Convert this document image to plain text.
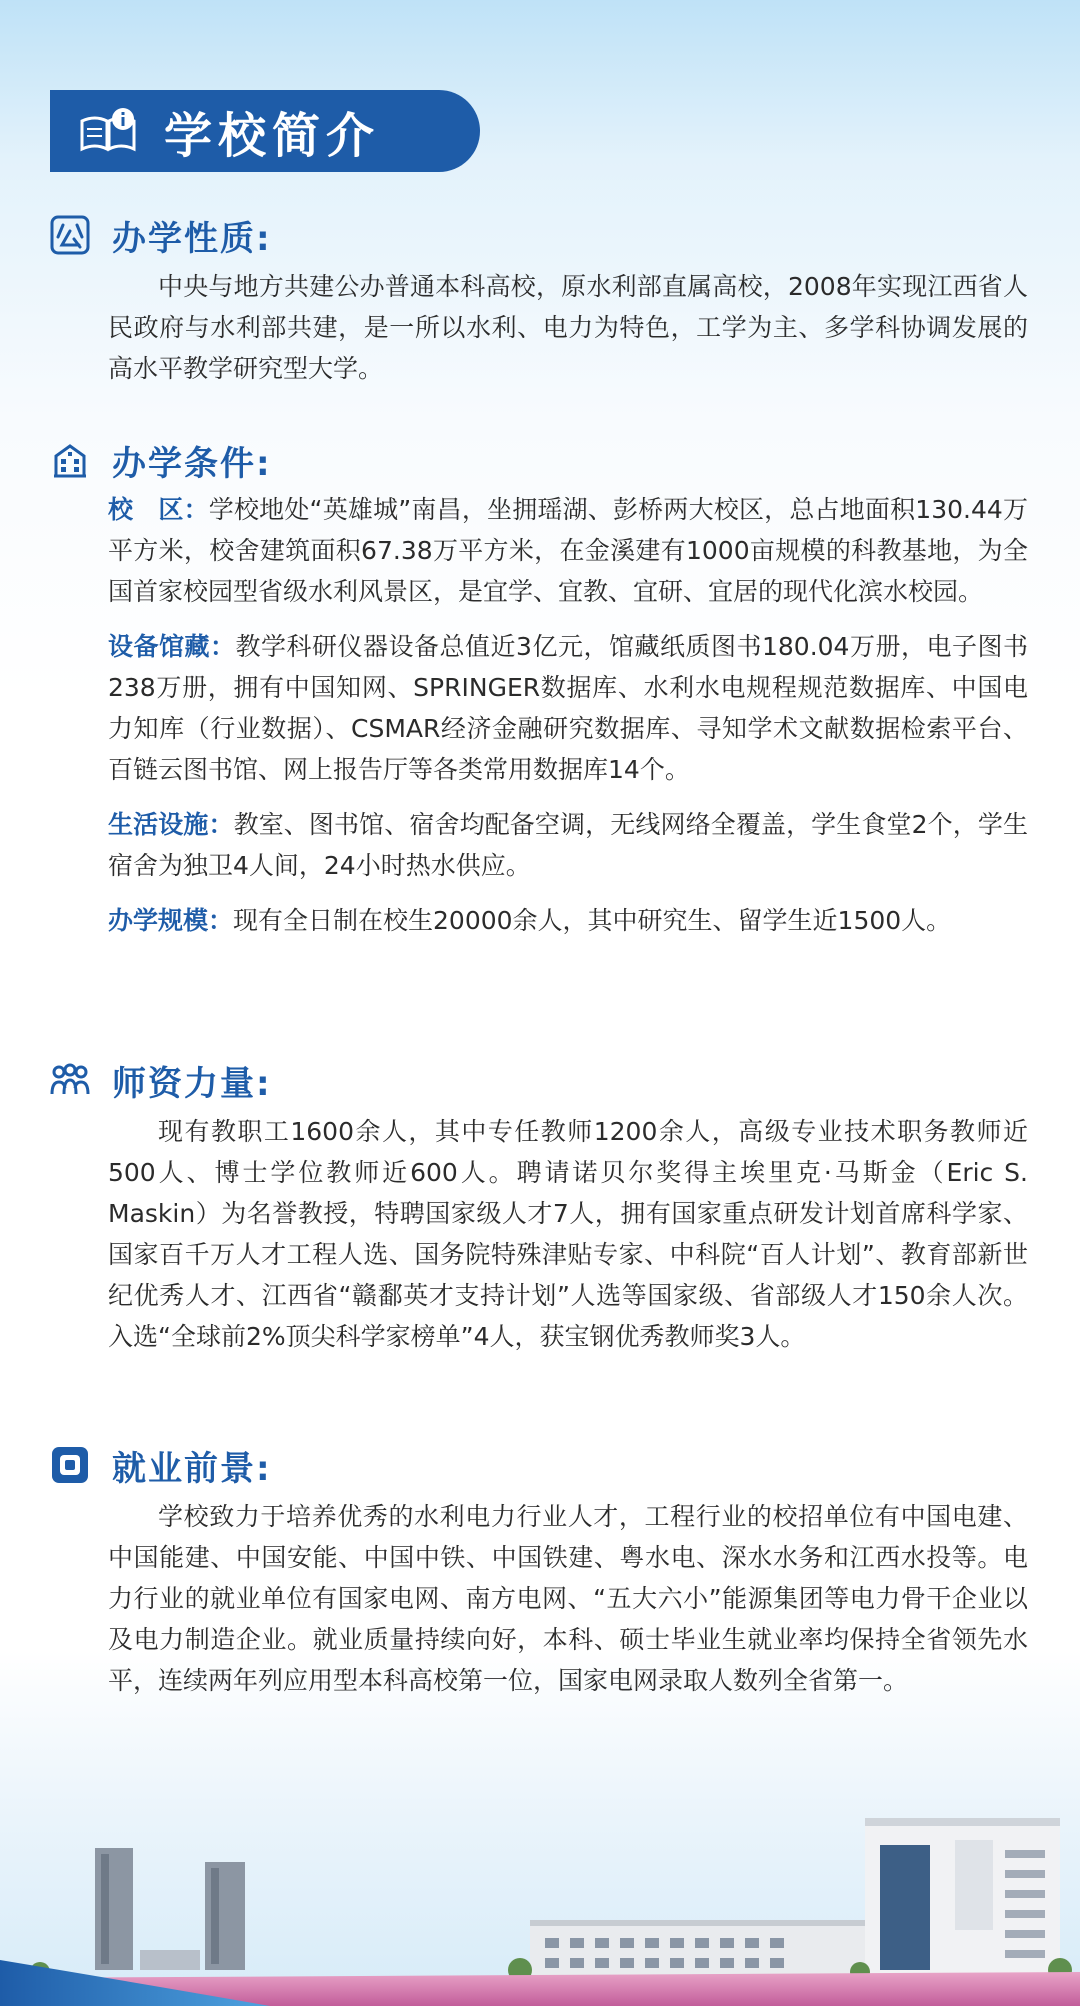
学校简介
办学性质:
中央与地方共建公办普通本科高校，原水利部直属高校，2008年实现江西省人民政府与水利部共建，是一所以水利、电力为特色，工学为主、多学科协调发展的高水平教学研究型大学。
办学条件:
校　区：学校地处“英雄城”南昌，坐拥瑶湖、彭桥两大校区，总占地面积130.44万平方米，校舍建筑面积67.38万平方米，在金溪建有1000亩规模的科教基地，为全国首家校园型省级水利风景区，是宜学、宜教、宜研、宜居的现代化滨水校园。
设备馆藏：教学科研仪器设备总值近3亿元，馆藏纸质图书180.04万册，电子图书238万册，拥有中国知网、SPRINGER数据库、水利水电规程规范数据库、中国电力知库（行业数据）、CSMAR经济金融研究数据库、寻知学术文献数据检索平台、百链云图书馆、网上报告厅等各类常用数据库14个。
生活设施：教室、图书馆、宿舍均配备空调，无线网络全覆盖，学生食堂2个，学生宿舍为独卫4人间，24小时热水供应。
办学规模：现有全日制在校生20000余人，其中研究生、留学生近1500人。
师资力量:
现有教职工1600余人，其中专任教师1200余人，高级专业技术职务教师近500人、博士学位教师近600人。聘请诺贝尔奖得主埃里克·马斯金（Eric S. Maskin）为名誉教授，特聘国家级人才7人，拥有国家重点研发计划首席科学家、国家百千万人才工程人选、国务院特殊津贴专家、中科院“百人计划”、教育部新世纪优秀人才、江西省“赣鄱英才支持计划”人选等国家级、省部级人才150余人次。入选“全球前2%顶尖科学家榜单”4人，获宝钢优秀教师奖3人。
就业前景:
学校致力于培养优秀的水利电力行业人才，工程行业的校招单位有中国电建、中国能建、中国安能、中国中铁、中国铁建、粤水电、深水水务和江西水投等。电力行业的就业单位有国家电网、南方电网、“五大六小”能源集团等电力骨干企业以及电力制造企业。就业质量持续向好，本科、硕士毕业生就业率均保持全省领先水平，连续两年列应用型本科高校第一位，国家电网录取人数列全省第一。
